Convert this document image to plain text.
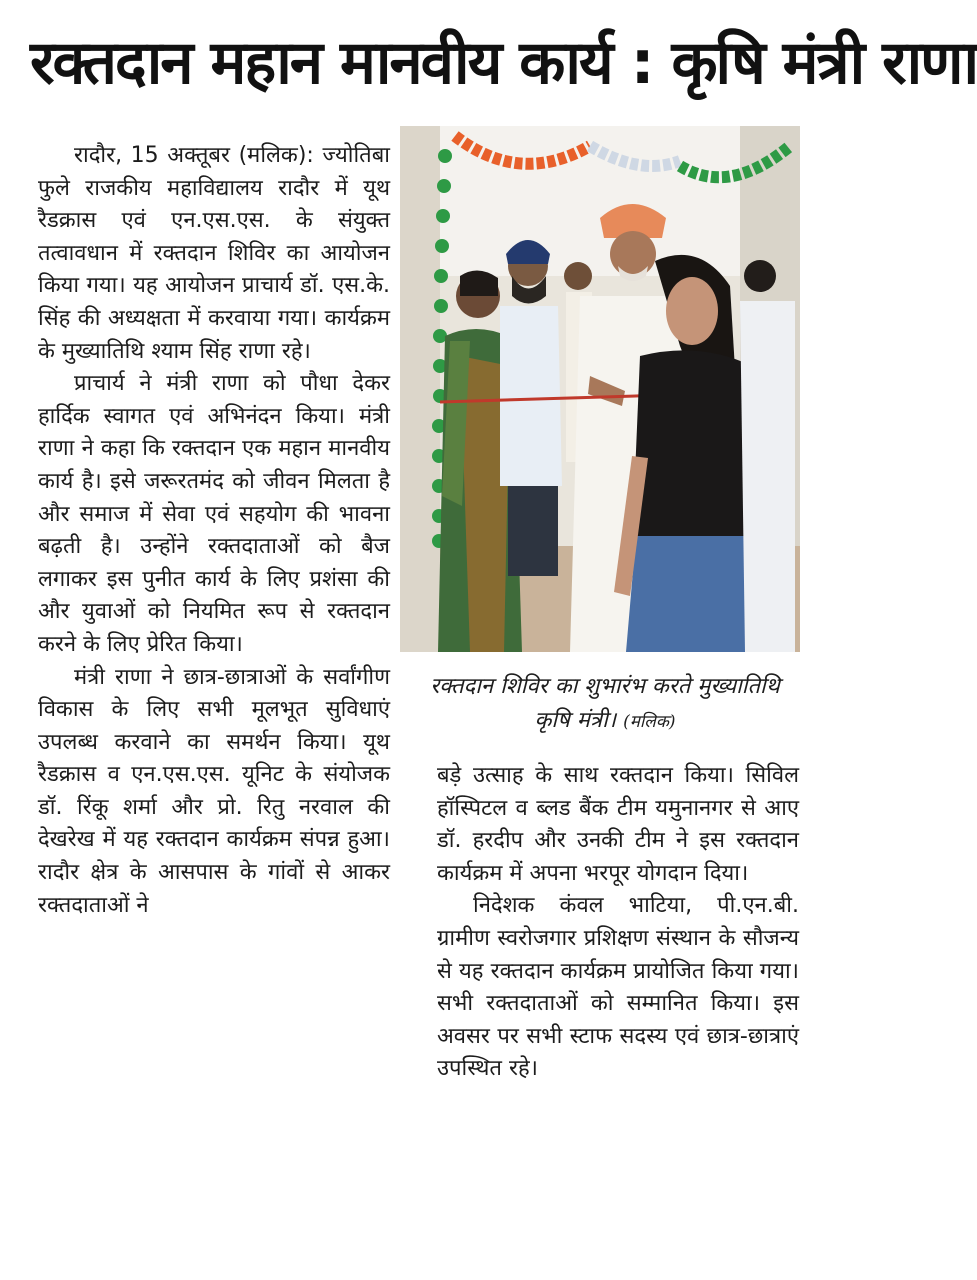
रक्तदान महान मानवीय कार्य : कृषि मंत्री राणा

रादौर, 15 अक्तूबर (मलिक): ज्योतिबा फुले राजकीय महाविद्यालय रादौर में यूथ रैडक्रास एवं एन.एस.एस. के संयुक्त तत्वावधान में रक्तदान शिविर का आयोजन किया गया। यह आयोजन प्राचार्य डॉ. एस.के. सिंह की अध्यक्षता में करवाया गया। कार्यक्रम के मुख्यातिथि श्याम सिंह राणा रहे।

प्राचार्य ने मंत्री राणा को पौधा देकर हार्दिक स्वागत एवं अभिनंदन किया। मंत्री राणा ने कहा कि रक्तदान एक महान मानवीय कार्य है। इसे जरूरतमंद को जीवन मिलता है और समाज में सेवा एवं सहयोग की भावना बढ़ती है। उन्होंने रक्तदाताओं को बैज लगाकर इस पुनीत कार्य के लिए प्रशंसा की और युवाओं को नियमित रूप से रक्तदान करने के लिए प्रेरित किया।

मंत्री राणा ने छात्र-छात्राओं के सर्वांगीण विकास के लिए सभी मूलभूत सुविधाएं उपलब्ध करवाने का समर्थन किया। यूथ रैडक्रास व एन.एस.एस. यूनिट के संयोजक डॉ. रिंकू शर्मा और प्रो. रितु नरवाल की देखरेख में यह रक्तदान कार्यक्रम संपन्न हुआ। रादौर क्षेत्र के आसपास के गांवों से आकर रक्तदाताओं ने

रक्तदान शिविर का शुभारंभ करते मुख्यातिथि कृषि मंत्री। (मलिक)

बड़े उत्साह के साथ रक्तदान किया। सिविल हॉस्पिटल व ब्लड बैंक टीम यमुनानगर से आए डॉ. हरदीप और उनकी टीम ने इस रक्तदान कार्यक्रम में अपना भरपूर योगदान दिया।

निदेशक कंवल भाटिया, पी.एन.बी. ग्रामीण स्वरोजगार प्रशिक्षण संस्थान के सौजन्य से यह रक्तदान कार्यक्रम प्रायोजित किया गया। सभी रक्तदाताओं को सम्मानित किया। इस अवसर पर सभी स्टाफ सदस्य एवं छात्र-छात्राएं उपस्थित रहे।
